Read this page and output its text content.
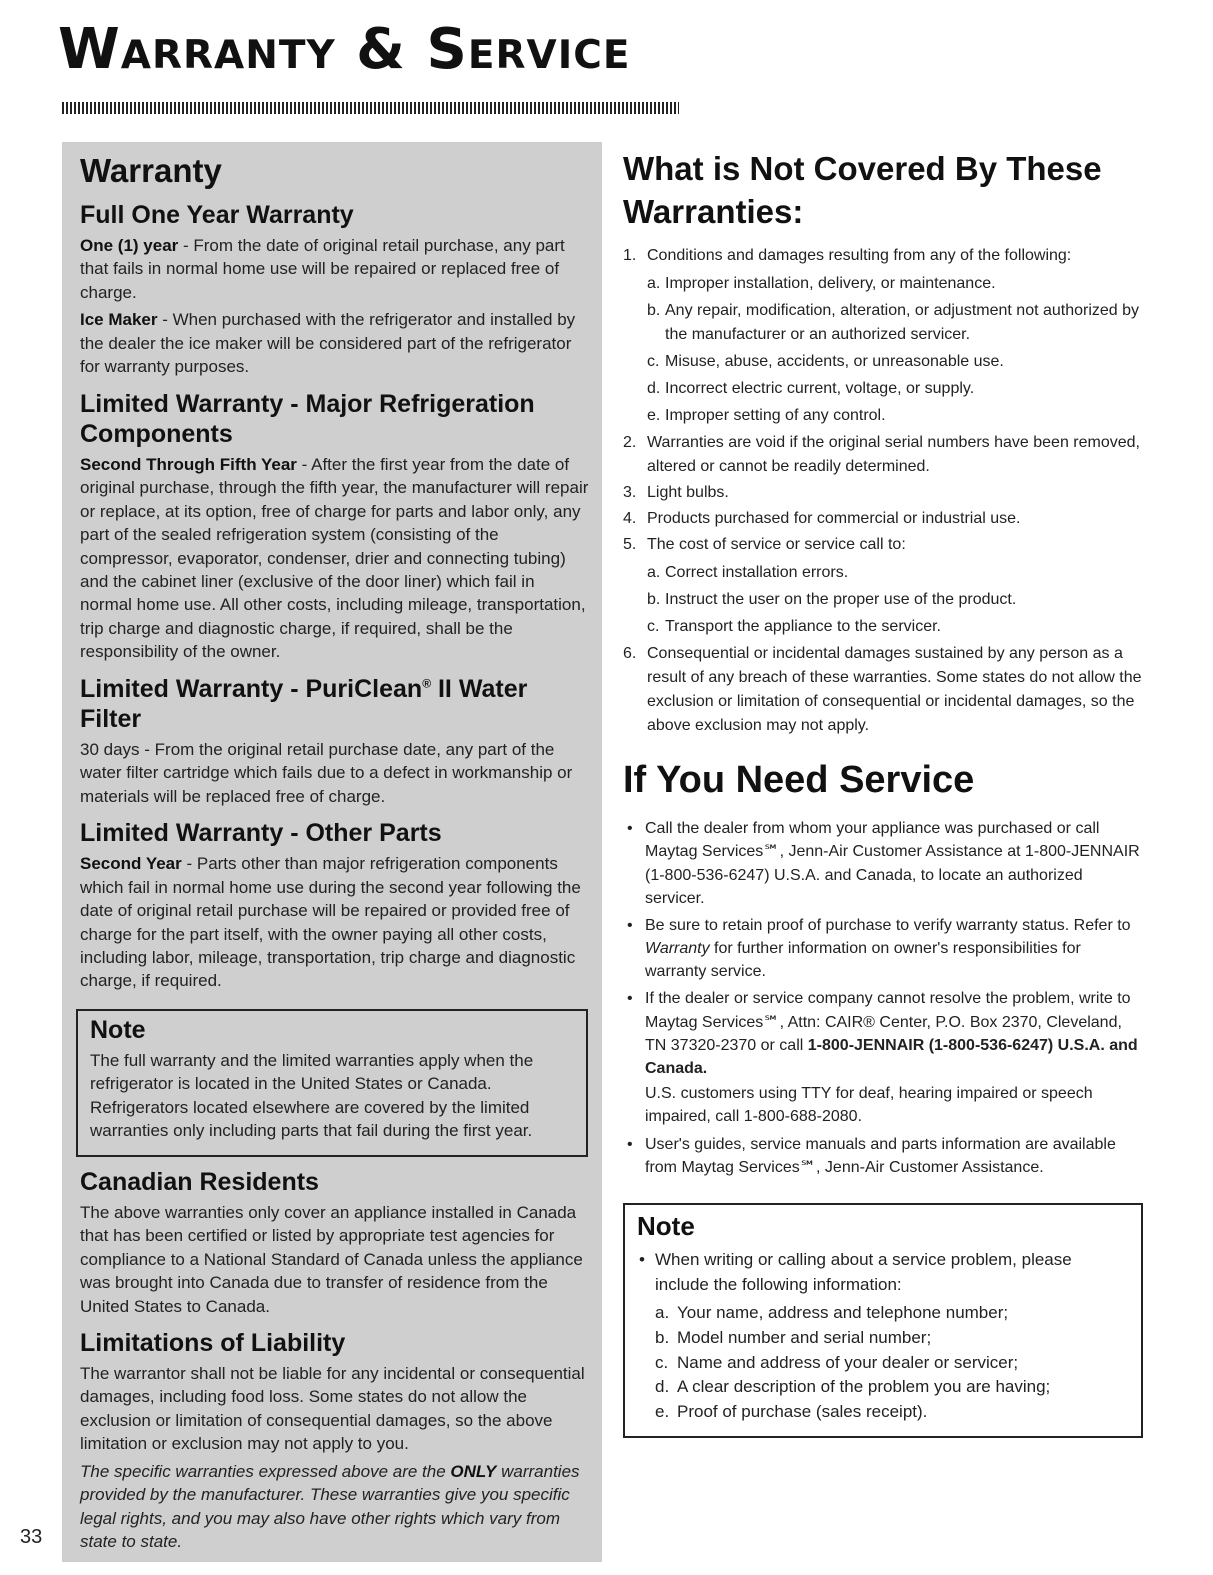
Warranty & Service
Warranty
Full One Year Warranty

One (1) year - From the date of original retail purchase, any part that fails in normal home use will be repaired or replaced free of charge.

Ice Maker - When purchased with the refrigerator and installed by the dealer the ice maker will be considered part of the refrigerator for warranty purposes.

Limited Warranty - Major Refrigeration Components

Second Through Fifth Year - After the first year from the date of original purchase, through the fifth year, the manufacturer will repair or replace, at its option, free of charge for parts and labor only, any part of the sealed refrigeration system (consisting of the compressor, evaporator, condenser, drier and connecting tubing) and the cabinet liner (exclusive of the door liner) which fail in normal home use. All other costs, including mileage, transportation, trip charge and diagnostic charge, if required, shall be the responsibility of the owner.

Limited Warranty - PuriClean® II Water Filter

30 days - From the original retail purchase date, any part of the water filter cartridge which fails due to a defect in workmanship or materials will be replaced free of charge.

Limited Warranty - Other Parts

Second Year - Parts other than major refrigeration components which fail in normal home use during the second year following the date of original retail purchase will be repaired or provided free of charge for the part itself, with the owner paying all other costs, including labor, mileage, transportation, trip charge and diagnostic charge, if required.

Note

The full warranty and the limited warranties apply when the refrigerator is located in the United States or Canada. Refrigerators located elsewhere are covered by the limited warranties only including parts that fail during the first year.

Canadian Residents

The above warranties only cover an appliance installed in Canada that has been certified or listed by appropriate test agencies for compliance to a National Standard of Canada unless the appliance was brought into Canada due to transfer of residence from the United States to Canada.

Limitations of Liability

The warrantor shall not be liable for any incidental or consequential damages, including food loss. Some states do not allow the exclusion or limitation of consequential damages, so the above limitation or exclusion may not apply to you.

The specific warranties expressed above are the ONLY warranties provided by the manufacturer. These warranties give you specific legal rights, and you may also have other rights which vary from state to state.

33
What is Not Covered By These Warranties:
1. Conditions and damages resulting from any of the following:
a. Improper installation, delivery, or maintenance.
b. Any repair, modification, alteration, or adjustment not authorized by the manufacturer or an authorized servicer.
c. Misuse, abuse, accidents, or unreasonable use.
d. Incorrect electric current, voltage, or supply.
e. Improper setting of any control.
2. Warranties are void if the original serial numbers have been removed, altered or cannot be readily determined.
3. Light bulbs.
4. Products purchased for commercial or industrial use.
5. The cost of service or service call to:
a. Correct installation errors.
b. Instruct the user on the proper use of the product.
c. Transport the appliance to the servicer.
6. Consequential or incidental damages sustained by any person as a result of any breach of these warranties. Some states do not allow the exclusion or limitation of consequential or incidental damages, so the above exclusion may not apply.
If You Need Service
• Call the dealer from whom your appliance was purchased or call Maytag Services℠, Jenn-Air Customer Assistance at 1-800-JENNAIR (1-800-536-6247) U.S.A. and Canada, to locate an authorized servicer.
• Be sure to retain proof of purchase to verify warranty status. Refer to Warranty for further information on owner's responsibilities for warranty service.
• If the dealer or service company cannot resolve the problem, write to Maytag Services℠, Attn: CAIR® Center, P.O. Box 2370, Cleveland, TN 37320-2370 or call 1-800-JENNAIR (1-800-536-6247) U.S.A. and Canada.
U.S. customers using TTY for deaf, hearing impaired or speech impaired, call 1-800-688-2080.
• User's guides, service manuals and parts information are available from Maytag Services℠, Jenn-Air Customer Assistance.
Note
• When writing or calling about a service problem, please include the following information:
a. Your name, address and telephone number;
b. Model number and serial number;
c. Name and address of your dealer or servicer;
d. A clear description of the problem you are having;
e. Proof of purchase (sales receipt).
